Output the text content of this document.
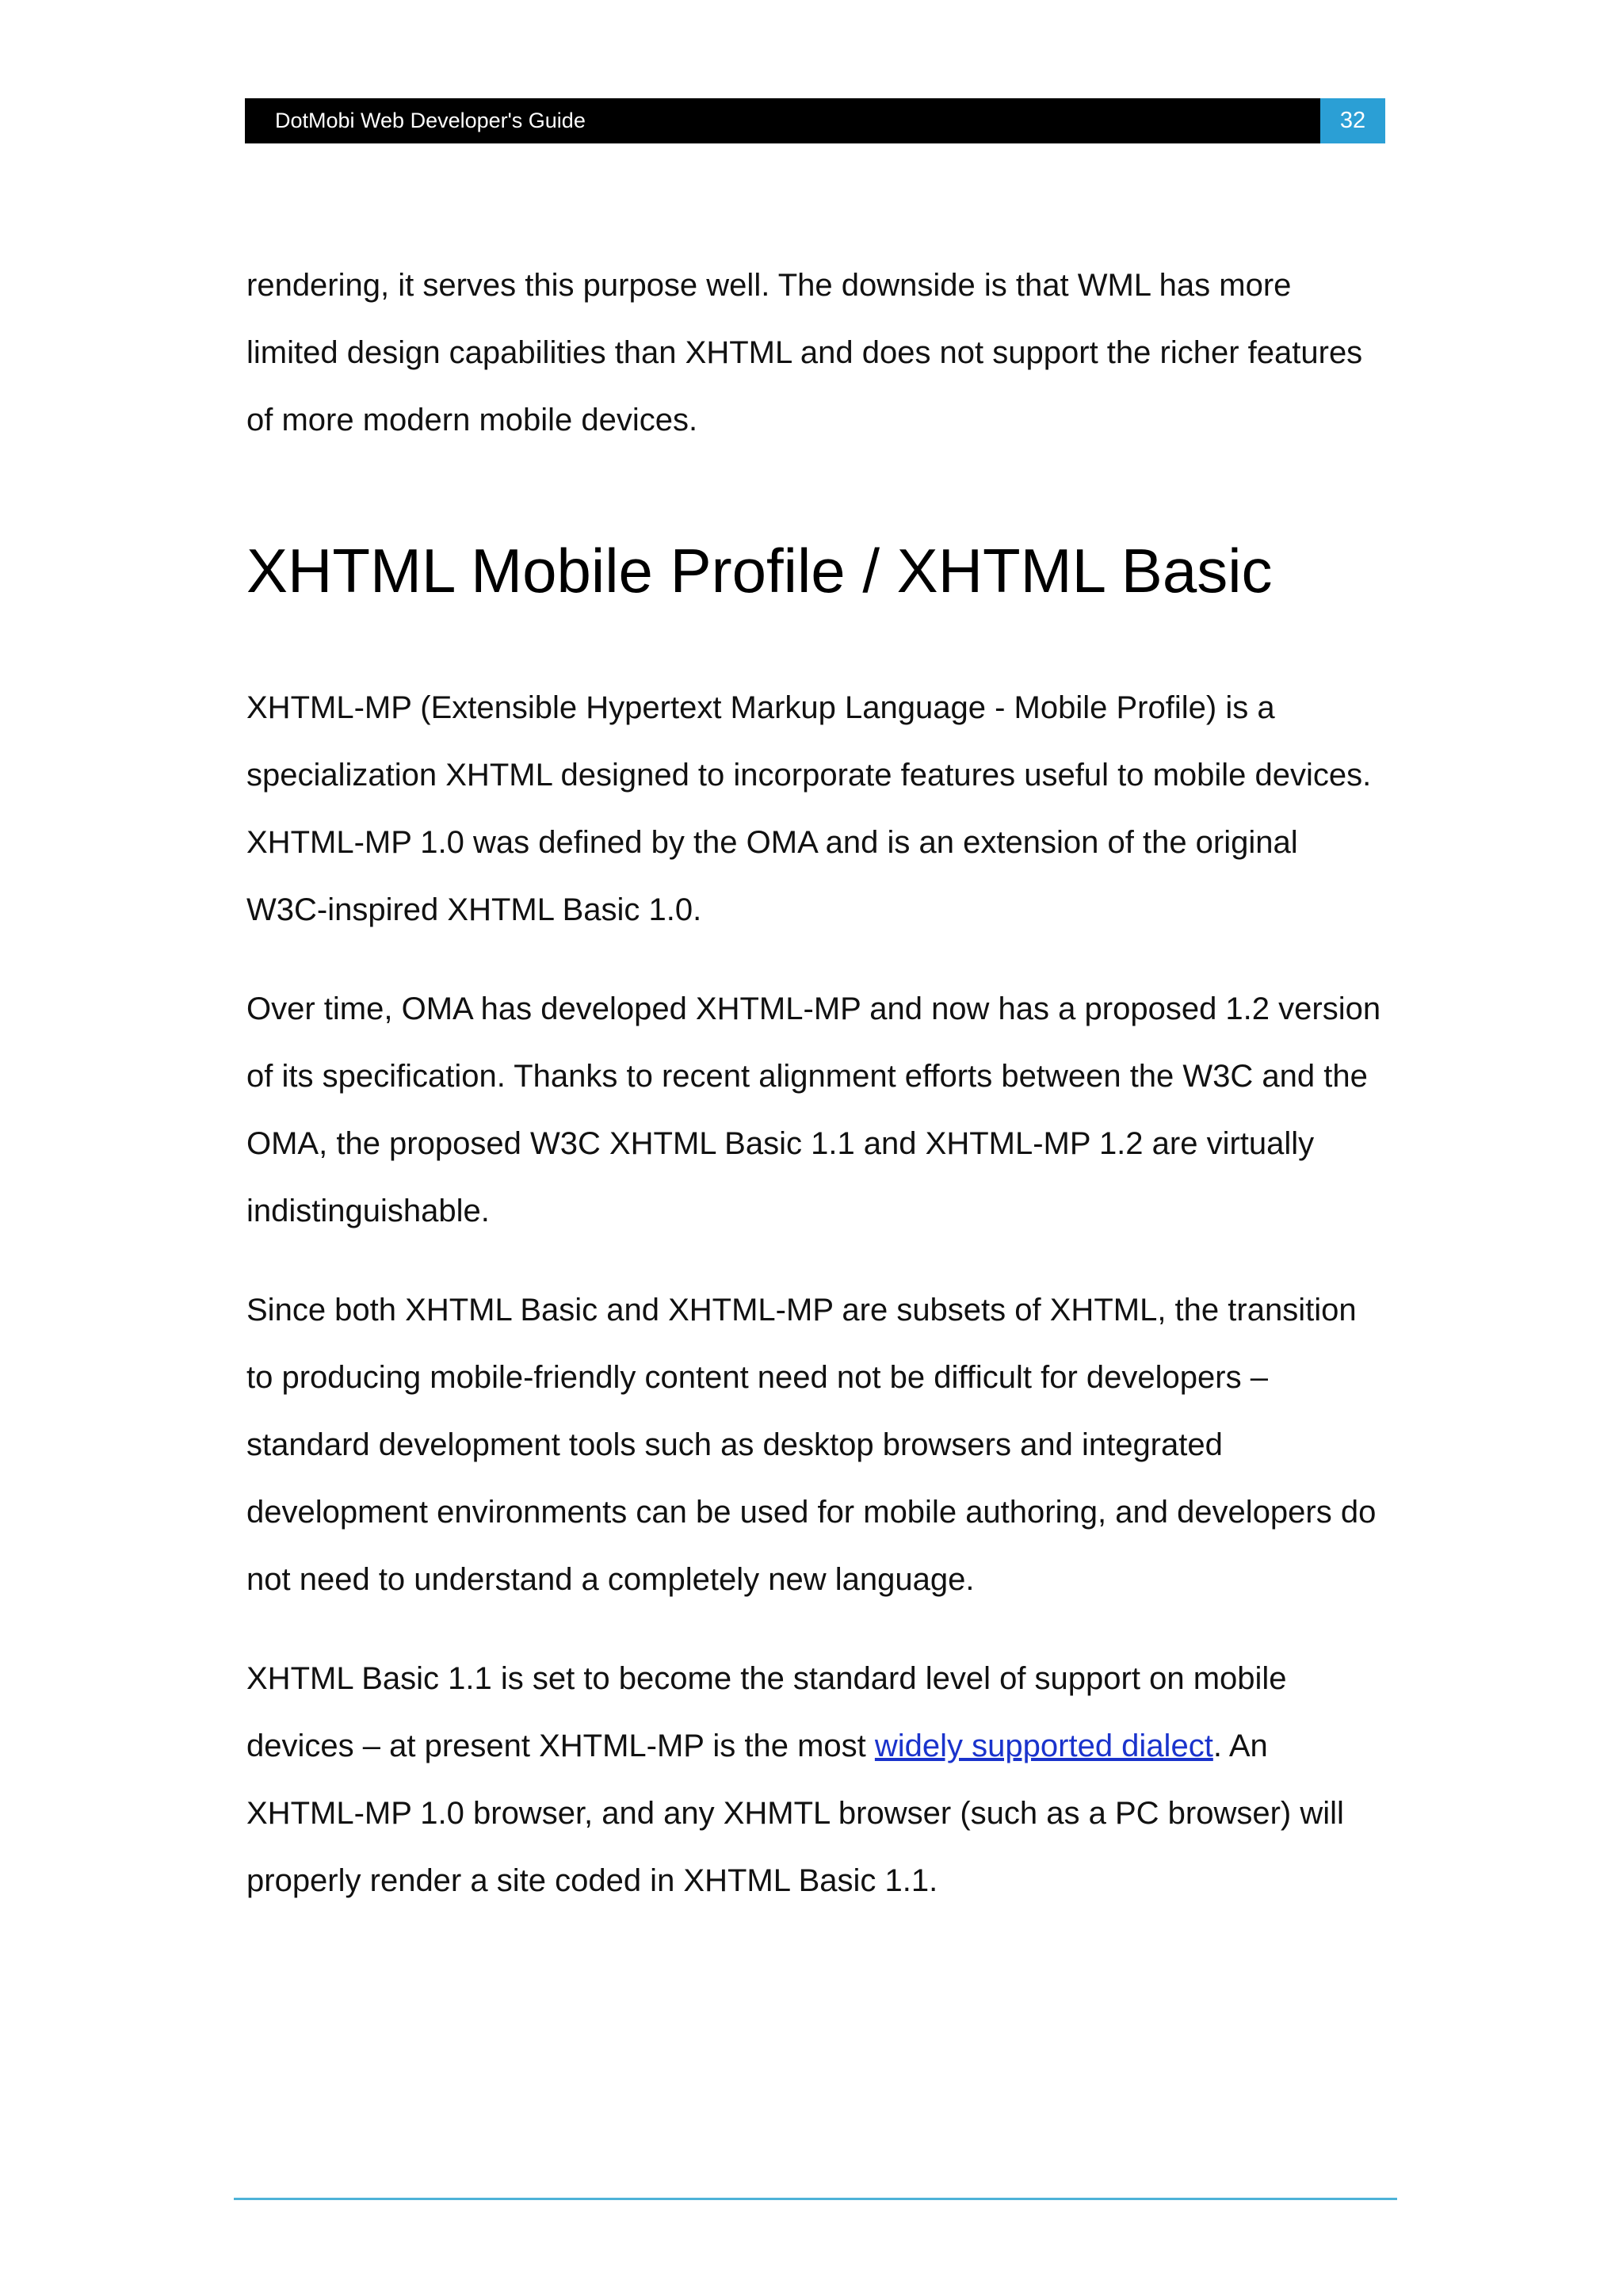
DotMobi Web Developer's Guide	32

rendering, it serves this purpose well. The downside is that WML has more
limited design capabilities than XHTML and does not support the richer features
of more modern mobile devices.

XHTML Mobile Profile / XHTML Basic

XHTML-MP (Extensible Hypertext Markup Language - Mobile Profile) is a
specialization XHTML designed to incorporate features useful to mobile devices.
XHTML-MP 1.0 was defined by the OMA and is an extension of the original
W3C-inspired XHTML Basic 1.0.

Over time, OMA has developed XHTML-MP and now has a proposed 1.2 version
of its specification. Thanks to recent alignment efforts between the W3C and the
OMA, the proposed W3C XHTML Basic 1.1 and XHTML-MP 1.2 are virtually
indistinguishable.

Since both XHTML Basic and XHTML-MP are subsets of XHTML, the transition
to producing mobile-friendly content need not be difficult for developers –
standard development tools such as desktop browsers and integrated
development environments can be used for mobile authoring, and developers do
not need to understand a completely new language.

XHTML Basic 1.1 is set to become the standard level of support on mobile
devices – at present XHTML-MP is the most widely supported dialect. An
XHTML-MP 1.0 browser, and any XHMTL browser (such as a PC browser) will
properly render a site coded in XHTML Basic 1.1.
